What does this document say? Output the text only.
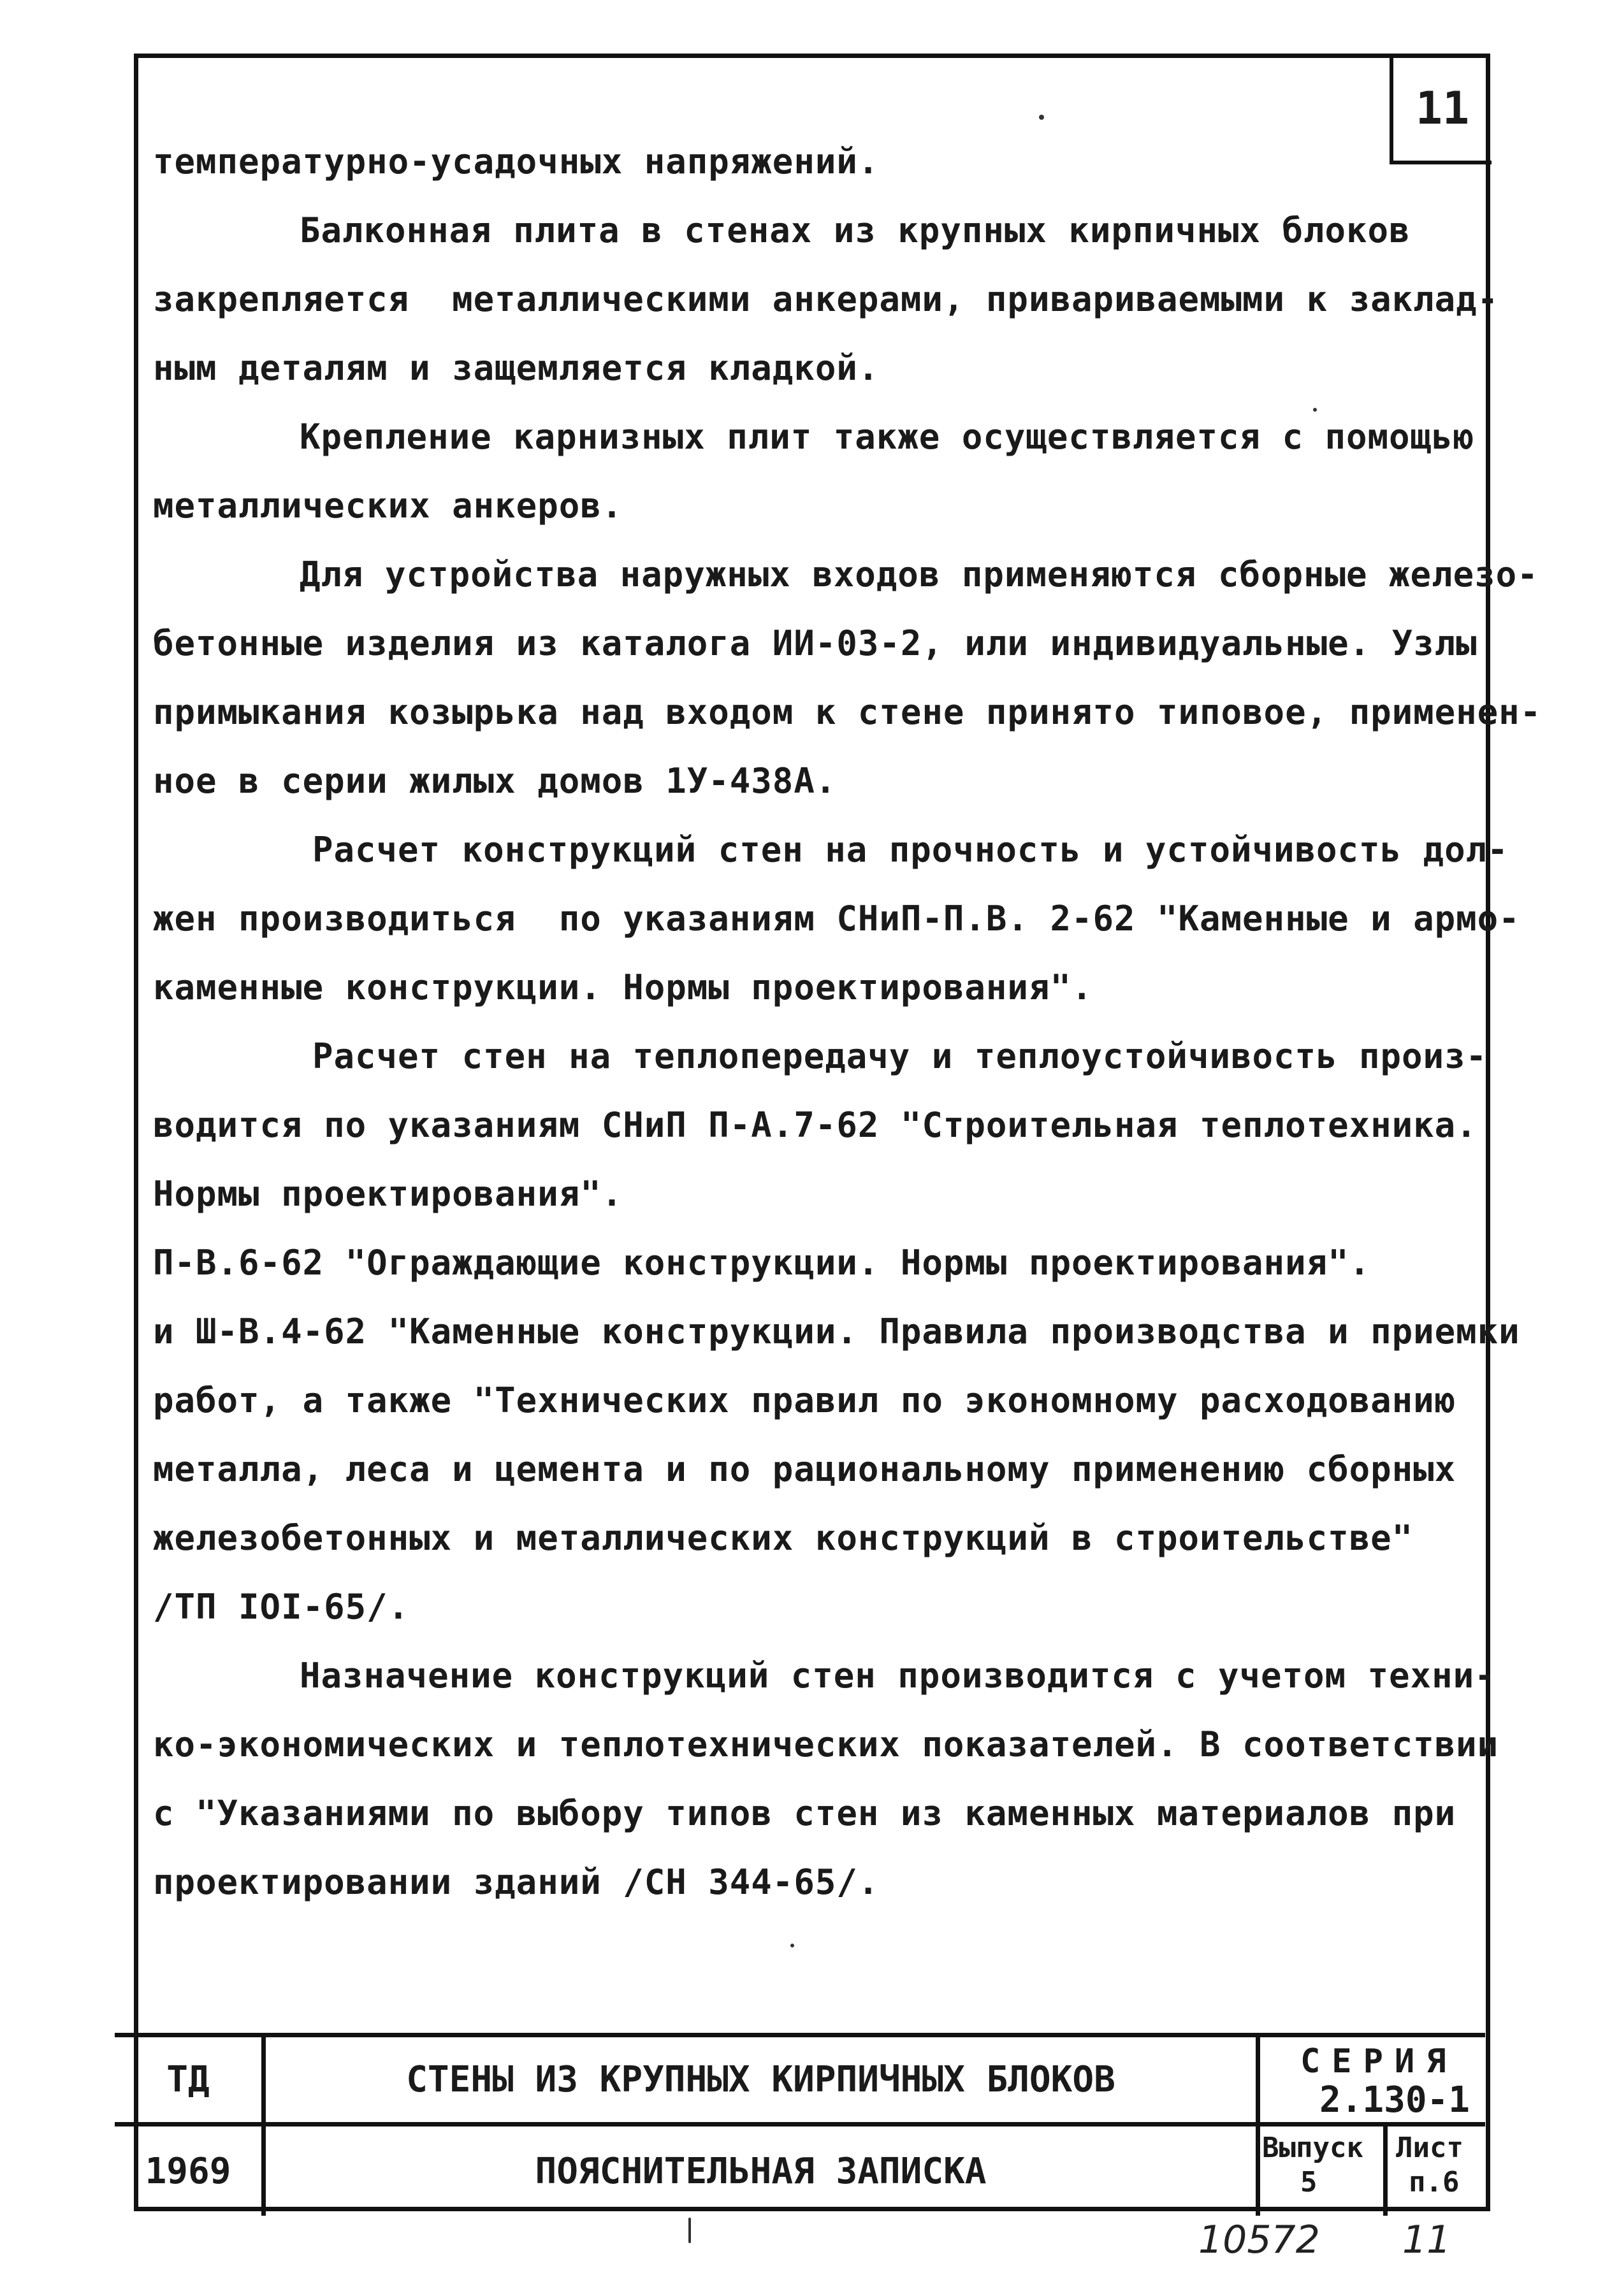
11
температурно-усадочных напряжений.
Балконная плита в стенах из крупных кирпичных блоков
закрепляется  металлическими анкерами, привариваемыми к заклад-
ным деталям и защемляется кладкой.
Крепление карнизных плит также осуществляется с помощью
металлических анкеров.
Для устройства наружных входов применяются сборные железо-
бетонные изделия из каталога ИИ-03-2, или индивидуальные. Узлы
примыкания козырька над входом к стене принято типовое, применен-
ное в серии жилых домов 1У-438А.
Расчет конструкций стен на прочность и устойчивость дол-
жен производиться  по указаниям СНиП-П.В. 2-62 "Каменные и армо-
каменные конструкции. Нормы проектирования".
Расчет стен на теплопередачу и теплоустойчивость произ-
водится по указаниям СНиП П-А.7-62 "Строительная теплотехника.
Нормы проектирования".
П-В.6-62 "Ограждающие конструкции. Нормы проектирования".
и Ш-В.4-62 "Каменные конструкции. Правила производства и приемки
работ, а также "Технических правил по экономному расходованию
металла, леса и цемента и по рациональному применению сборных
железобетонных и металлических конструкций в строительстве"
/ТП IOI-65/.
Назначение конструкций стен производится с учетом техни-
ко-экономических и теплотехнических показателей. В соответствии
с "Указаниями по выбору типов стен из каменных материалов при
проектировании зданий /СН 344-65/.
ТД
1969
СТЕНЫ ИЗ КРУПНЫХ КИРПИЧНЫХ БЛОКОВ
ПОЯСНИТЕЛЬНАЯ ЗАПИСКА
СЕРИЯ
2.130-1
Выпуск
5
Лист
п.6
10572 11
